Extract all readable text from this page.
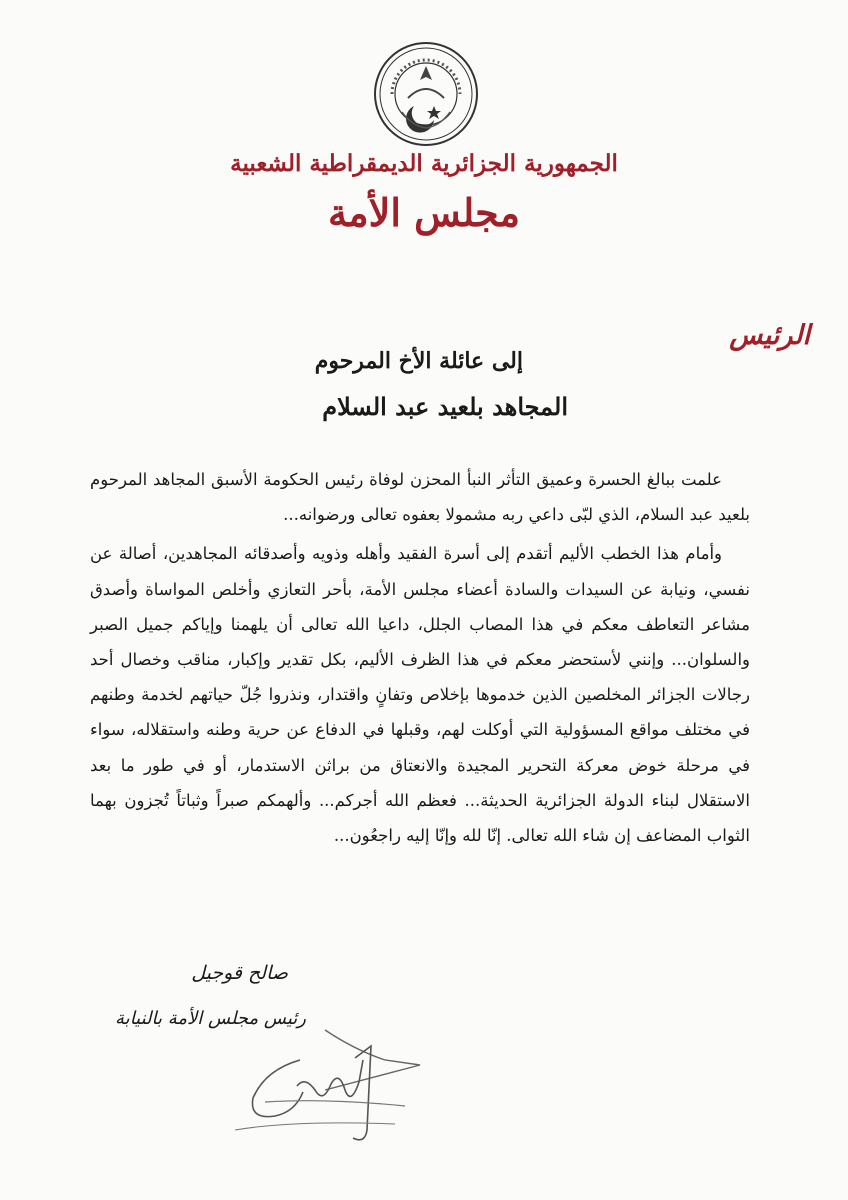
الجمهورية الجزائرية الديمقراطية الشعبية
مجلس الأمة
الرئيس
إلى عائلة الأخ المرحوم
المجاهد بلعيد عبد السلام

علمت ببالغ الحسرة وعميق التأثر النبأ المحزن لوفاة رئيس الحكومة الأسبق المجاهد المرحوم بلعيد عبد السلام، الذي لبّى داعي ربه مشمولا بعفوه تعالى ورضوانه...

وأمام هذا الخطب الأليم أتقدم إلى أسرة الفقيد وأهله وذويه وأصدقائه المجاهدين، أصالة عن نفسي، ونيابة عن السيدات والسادة أعضاء مجلس الأمة، بأحر التعازي وأخلص المواساة وأصدق مشاعر التعاطف معكم في هذا المصاب الجلل، داعيا الله تعالى أن يلهمنا وإياكم جميل الصبر والسلوان... وإنني لأستحضر معكم في هذا الظرف الأليم، بكل تقدير وإكبار، مناقب وخصال أحد رجالات الجزائر المخلصين الذين خدموها بإخلاص وتفانٍ واقتدار، ونذروا جُلّ حياتهم لخدمة وطنهم في مختلف مواقع المسؤولية التي أوكلت لهم، وقبلها في الدفاع عن حرية وطنه واستقلاله، سواء في مرحلة خوض معركة التحرير المجيدة والانعتاق من براثن الاستدمار، أو في طور ما بعد الاستقلال لبناء الدولة الجزائرية الحديثة... فعظم الله أجركم... وألهمكم صبراً وثباتاً تُجزون بهما الثواب المضاعف إن شاء الله تعالى. إنّا لله وإنّا إليه راجعُون...

صالح قوجيل
رئيس مجلس الأمة بالنيابة
